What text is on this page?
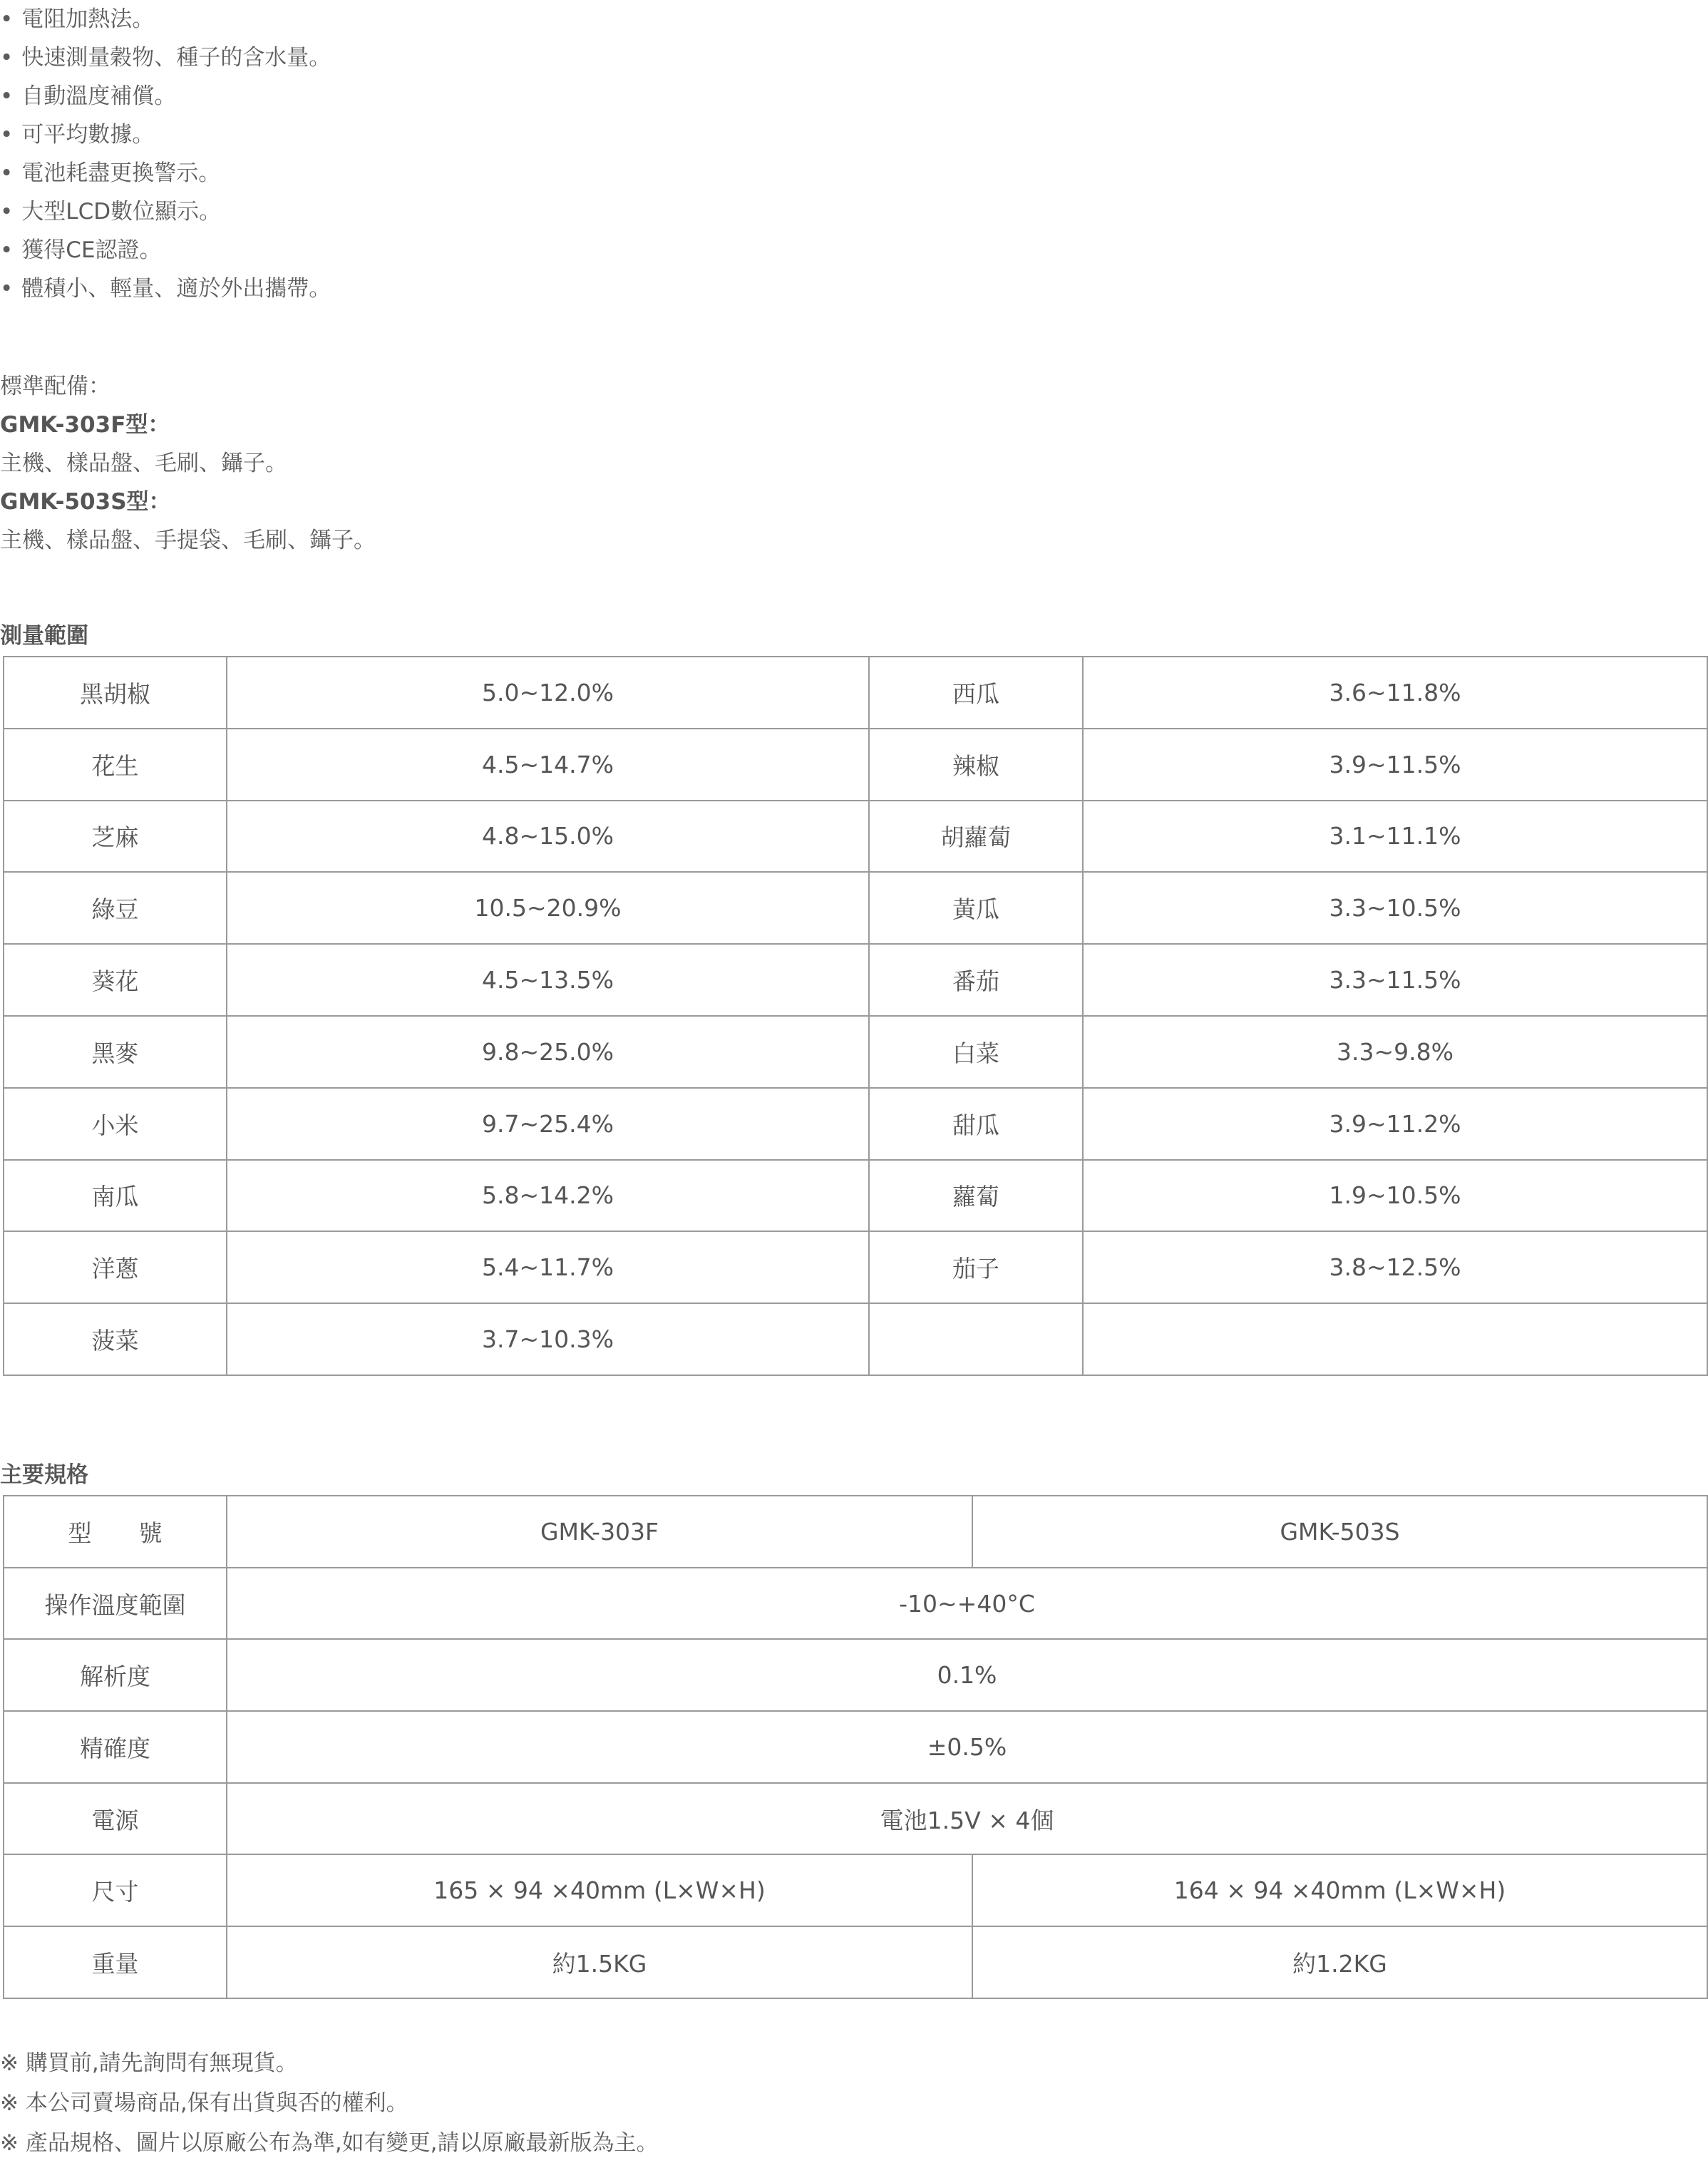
• 電阻加熱法。
• 快速測量穀物、種子的含水量。
• 自動溫度補償。
• 可平均數據。
• 電池耗盡更換警示。
• 大型LCD數位顯示。
• 獲得CE認證。
• 體積小、輕量、適於外出攜帶。
標準配備：
GMK-303F型：
主機、樣品盤、毛刷、鑷子。
GMK-503S型：
主機、樣品盤、手提袋、毛刷、鑷子。
測量範圍
黑胡椒	5.0~12.0%	西瓜	3.6~11.8%
花生	4.5~14.7%	辣椒	3.9~11.5%
芝麻	4.8~15.0%	胡蘿蔔	3.1~11.1%
綠豆	10.5~20.9%	黃瓜	3.3~10.5%
葵花	4.5~13.5%	番茄	3.3~11.5%
黑麥	9.8~25.0%	白菜	3.3~9.8%
小米	9.7~25.4%	甜瓜	3.9~11.2%
南瓜	5.8~14.2%	蘿蔔	1.9~10.5%
洋蔥	5.4~11.7%	茄子	3.8~12.5%
菠菜	3.7~10.3%		
主要規格
型　　號	GMK-303F	GMK-503S
操作溫度範圍	-10~+40°C	
解析度	0.1%	
精確度	±0.5%	
電源	電池1.5V × 4個	
尺寸	165 × 94 ×40mm (L×W×H)	164 × 94 ×40mm (L×W×H)
重量	約1.5KG	約1.2KG
※ 購買前,請先詢問有無現貨。
※ 本公司賣場商品,保有出貨與否的權利。
※ 產品規格、圖片以原廠公布為準,如有變更,請以原廠最新版為主。
